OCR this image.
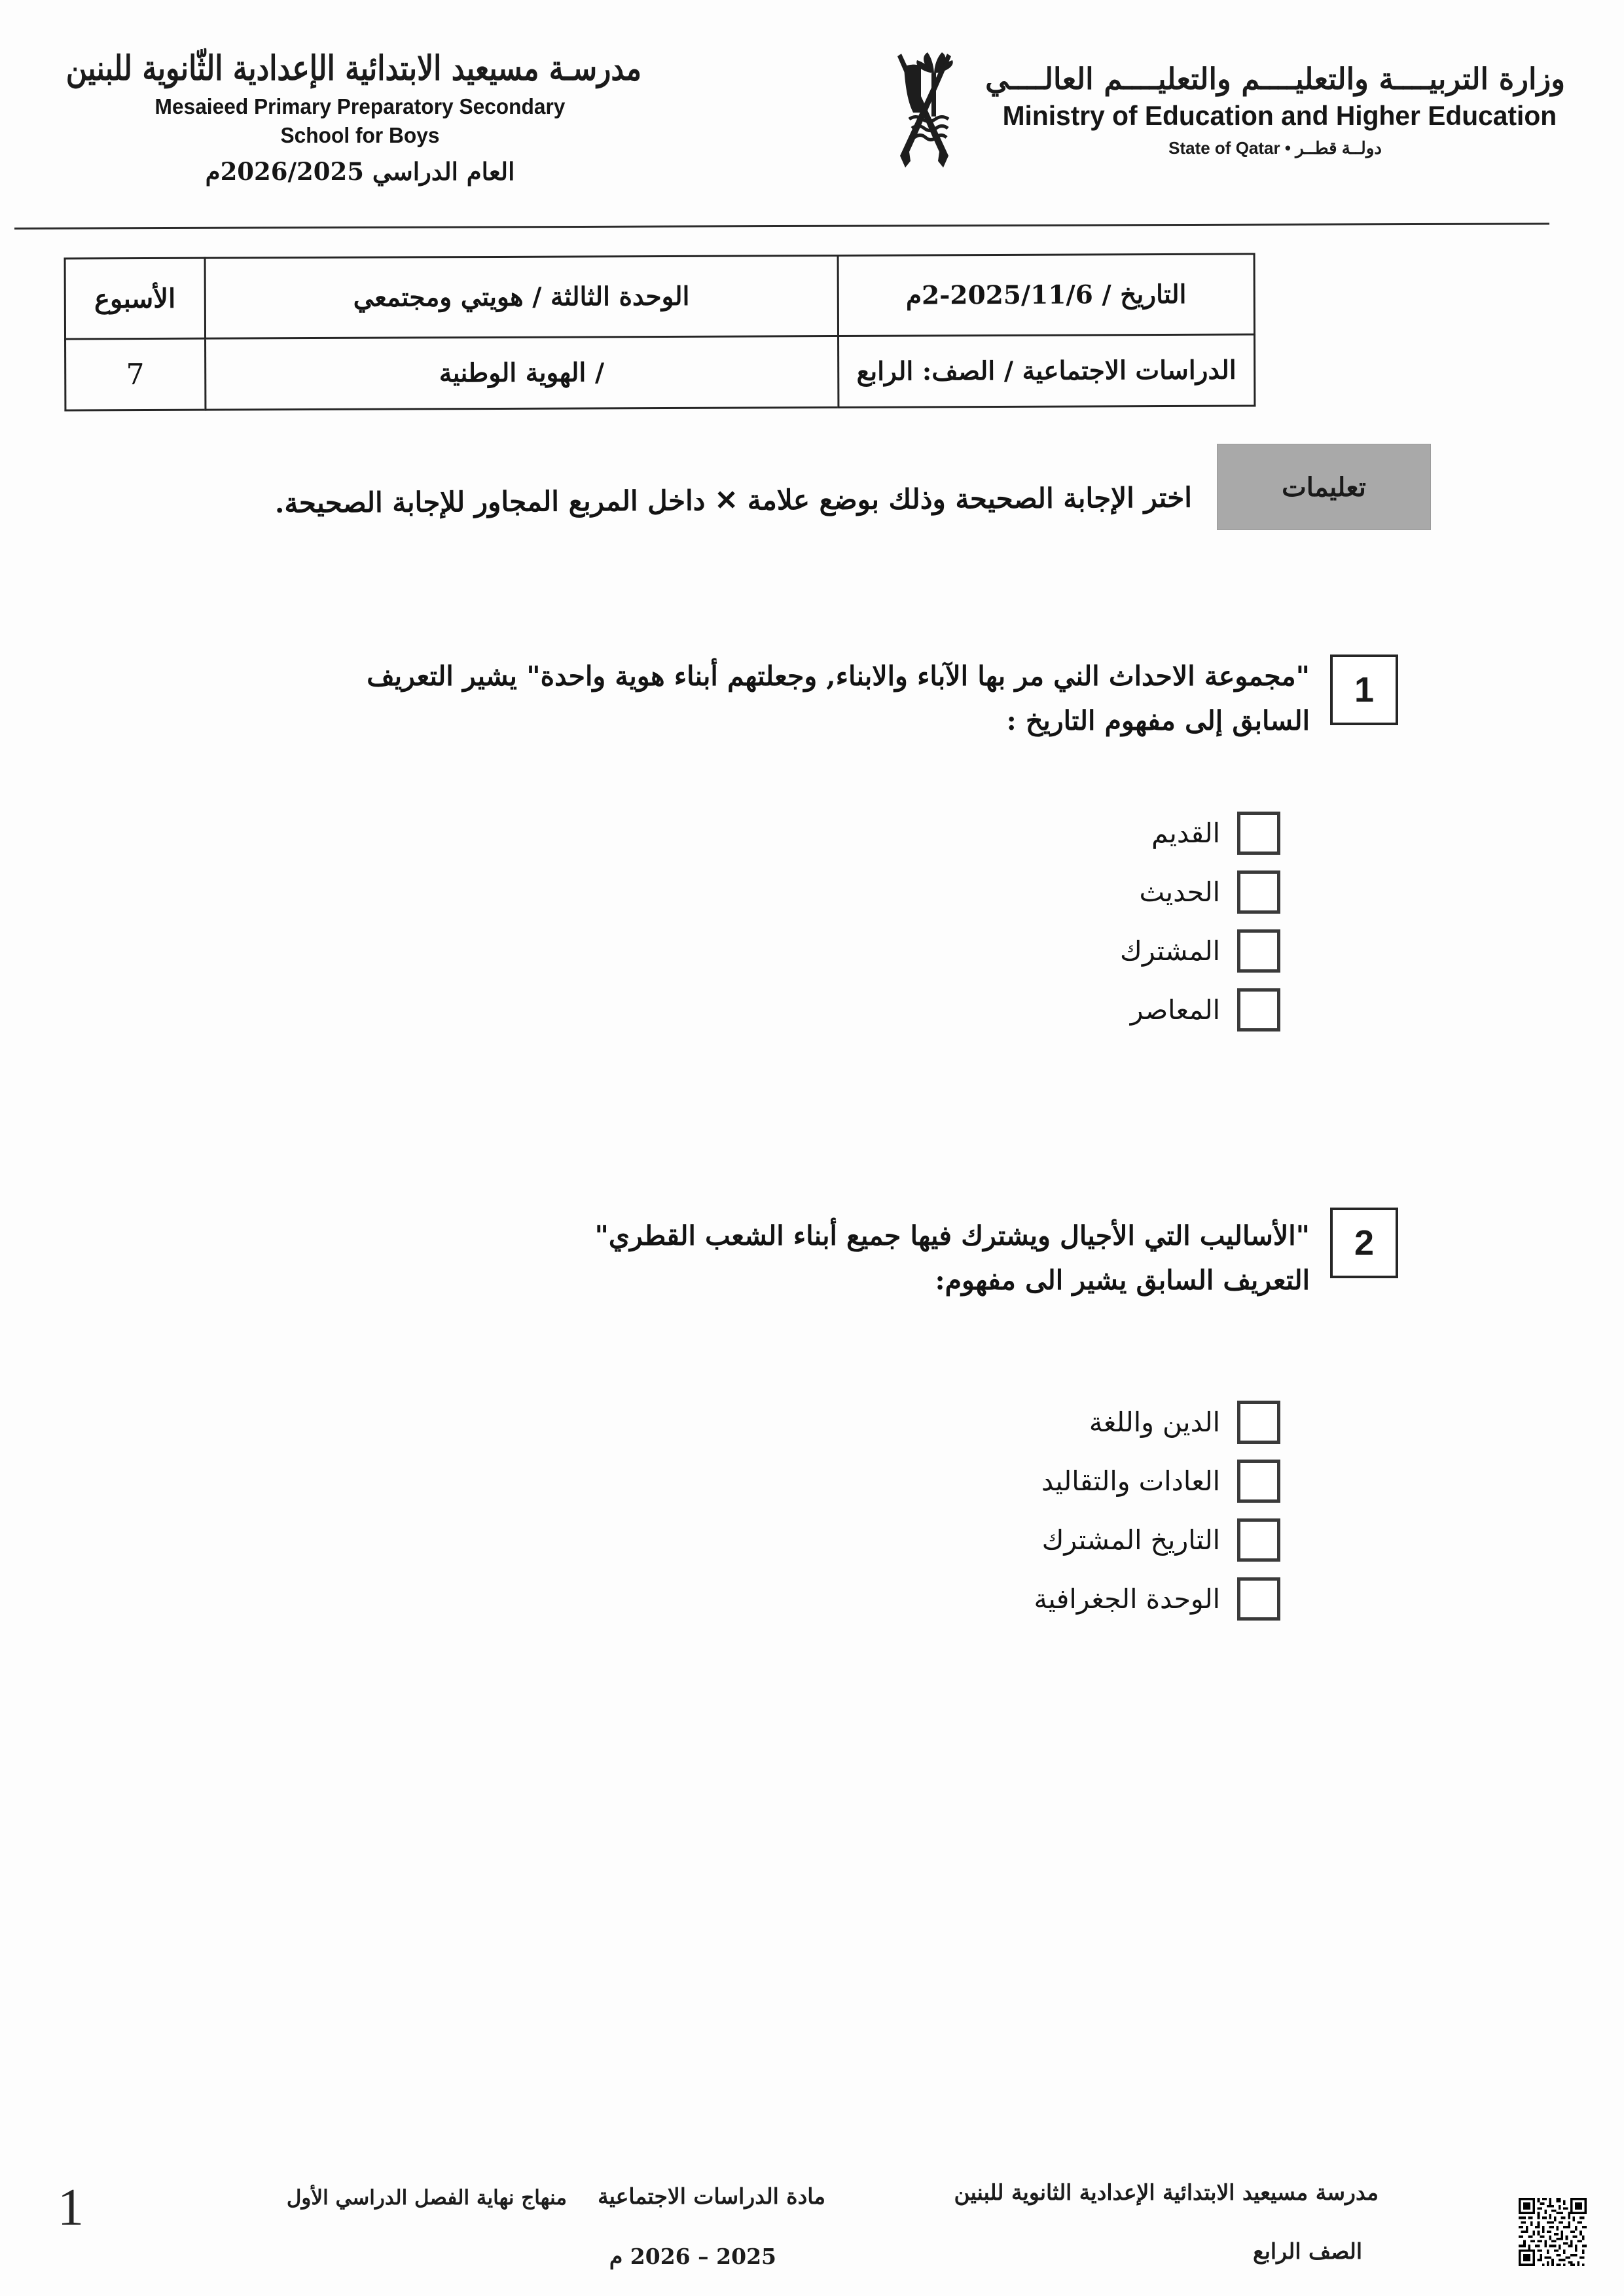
مدرسـة مسيعيد الابتدائية الإعدادية الثّانوية للبنين
Mesaieed Primary Preparatory Secondary
School for Boys
العام الدراسي 2026/2025م
وزارة التربيــــة والتعليــــم والتعليــــم العالــــي
Ministry of Education and Higher Education
دولــة قطــر • State of Qatar
التاريخ / 2025/11/6-2م	الوحدة الثالثة / هويتي ومجتمعي	الأسبوع
الدراسات الاجتماعية / الصف: الرابع	/ الهوية الوطنية	7
تعليمات
اختر الإجابة الصحيحة وذلك بوضع علامة ✕ داخل المربع المجاور للإجابة الصحيحة.
1
"مجموعة الاحداث الني مر بها الآباء والابناء, وجعلتهم أبناء هوية واحدة" يشير التعريف
السابق إلى مفهوم التاريخ :
القديم
الحديث
المشترك
المعاصر
2
"الأساليب التي الأجيال ويشترك فيها جميع أبناء الشعب القطري"
التعريف السابق يشير الى مفهوم:
الدين واللغة
العادات والتقاليد
التاريخ المشترك
الوحدة الجغرافية
مدرسة مسيعيد الابتدائية الإعدادية الثانوية للبنين
الصف الرابع
مادة الدراسات الاجتماعية
2025 – 2026 م
منهاج نهاية الفصل الدراسي الأول
1
